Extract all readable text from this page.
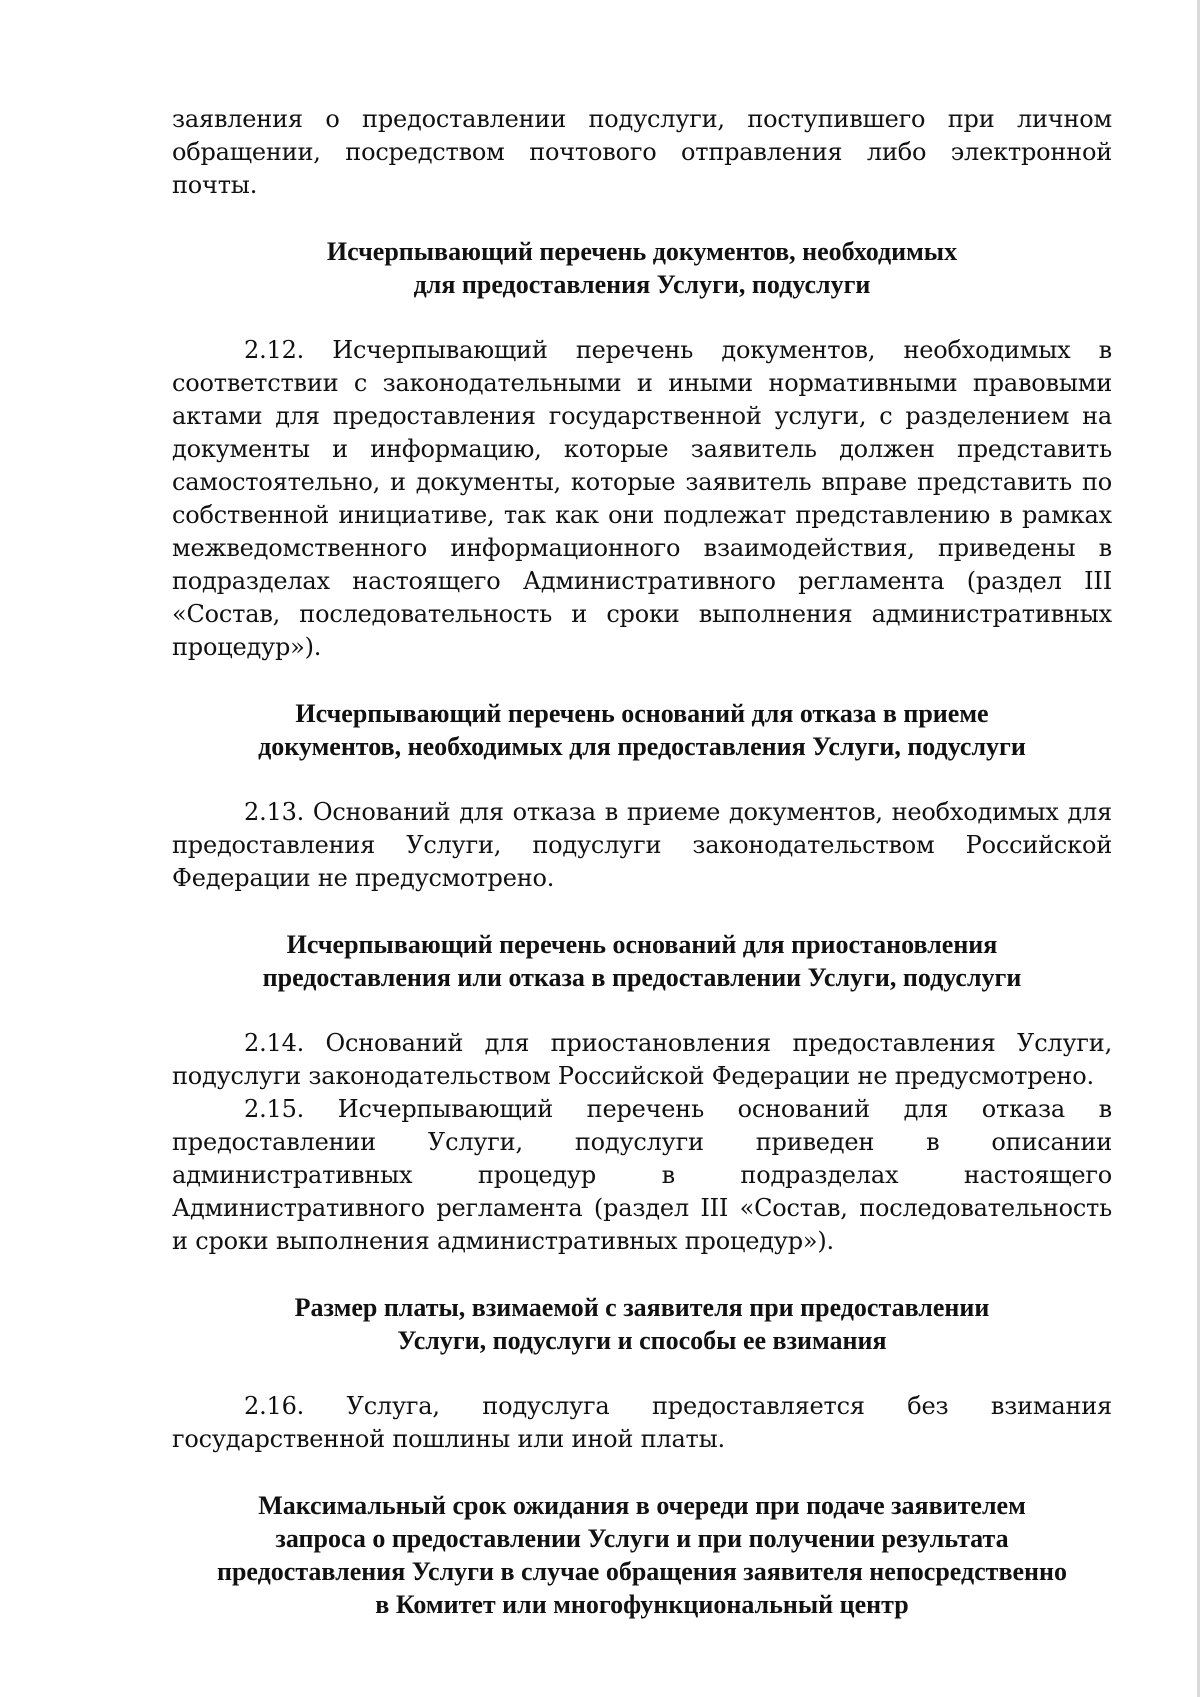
заявления о предоставлении подуслуги, поступившего при личном обращении, посредством почтового отправления либо электронной почты.

Исчерпывающий перечень документов, необходимых
для предоставления Услуги, подуслуги

2.12. Исчерпывающий перечень документов, необходимых в соответствии с законодательными и иными нормативными правовыми актами для предоставления государственной услуги, с разделением на документы и информацию, которые заявитель должен представить самостоятельно, и документы, которые заявитель вправе представить по собственной инициативе, так как они подлежат представлению в рамках межведомственного информационного взаимодействия, приведены в подразделах настоящего Административного регламента (раздел III «Состав, последовательность и сроки выполнения административных процедур»).

Исчерпывающий перечень оснований для отказа в приеме
документов, необходимых для предоставления Услуги, подуслуги

2.13. Оснований для отказа в приеме документов, необходимых для предоставления Услуги, подуслуги законодательством Российской Федерации не предусмотрено.

Исчерпывающий перечень оснований для приостановления
предоставления или отказа в предоставлении Услуги, подуслуги

2.14. Оснований для приостановления предоставления Услуги, подуслуги законодательством Российской Федерации не предусмотрено.

2.15. Исчерпывающий перечень оснований для отказа в предоставлении Услуги, подуслуги приведен в описании административных процедур в подразделах настоящего Административного регламента (раздел III «Состав, последовательность и сроки выполнения административных процедур»).

Размер платы, взимаемой с заявителя при предоставлении
Услуги, подуслуги и способы ее взимания

2.16. Услуга, подуслуга предоставляется без взимания государственной пошлины или иной платы.

Максимальный срок ожидания в очереди при подаче заявителем
запроса о предоставлении Услуги и при получении результата
предоставления Услуги в случае обращения заявителя непосредственно
в Комитет или многофункциональный центр
